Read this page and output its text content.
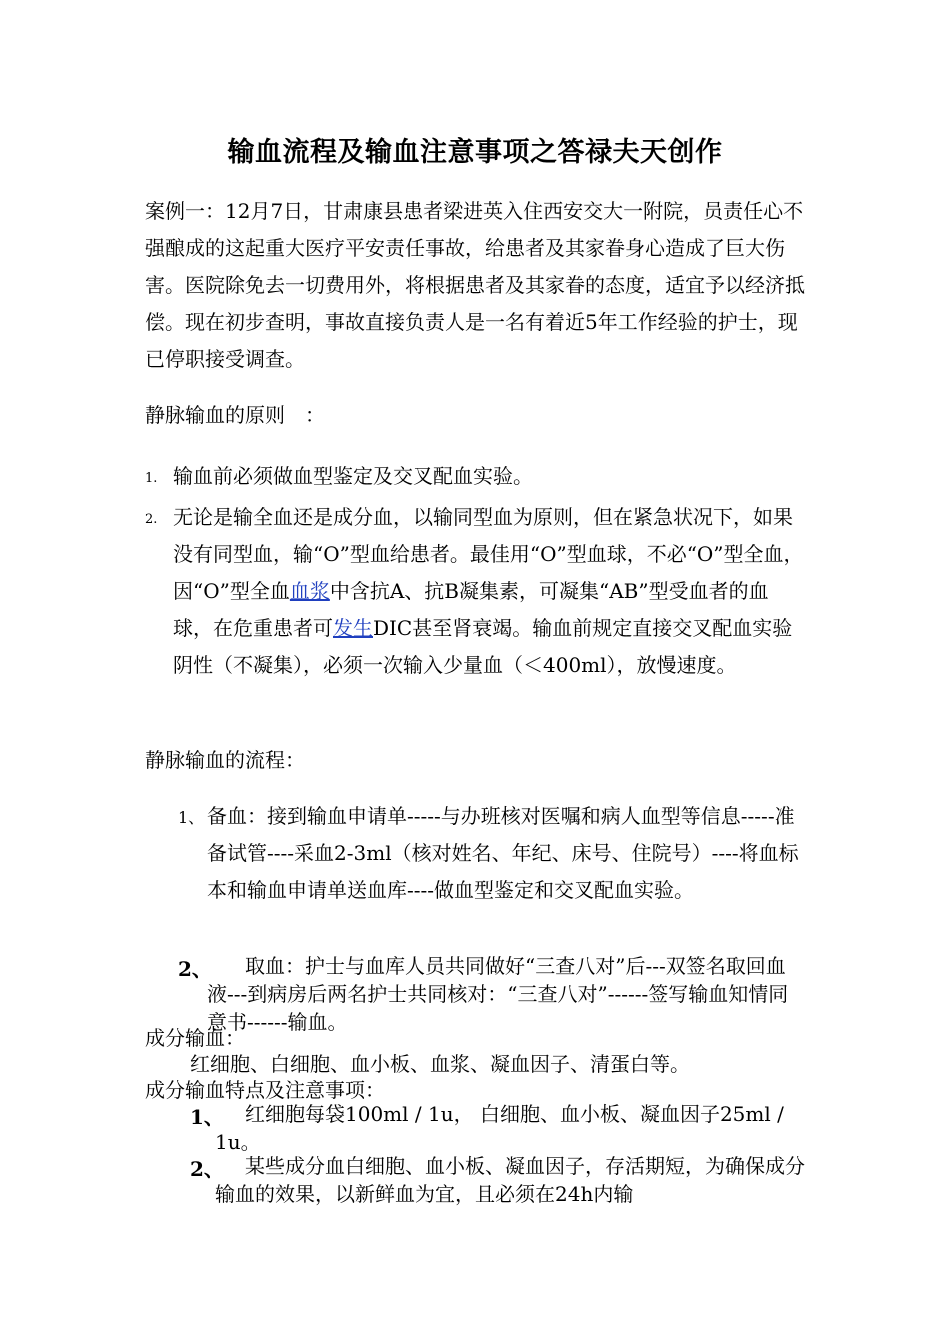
输血流程及输血注意事项之答禄夫天创作

案例一：12月7日，甘肃康县患者梁进英入住西安交大一附院，员责任心不强酿成的这起重大医疗平安责任事故，给患者及其家眷身心造成了巨大伤害。医院除免去一切费用外，将根据患者及其家眷的态度，适宜予以经济抵偿。现在初步查明，事故直接负责人是一名有着近5年工作经验的护士，现已停职接受调查。

静脉输血的原则　：

1. 输血前必须做血型鉴定及交叉配血实验。
2. 无论是输全血还是成分血，以输同型血为原则，但在紧急状况下，如果没有同型血，输“O”型血给患者。最佳用“O”型血球，不必“O”型全血，因“O”型全血血浆中含抗A、抗B凝集素，可凝集“AB”型受血者的血球，在危重患者可发生DIC甚至肾衰竭。输血前规定直接交叉配血实验阴性（不凝集），必须一次输入少量血（＜400ml），放慢速度。

静脉输血的流程：

1、 备血：接到输血申请单-----与办班核对医嘱和病人血型等信息-----准备试管----采血2-3ml（核对姓名、年纪、床号、住院号）----将血标本和输血申请单送血库----做血型鉴定和交叉配血实验。

2、	取血：护士与血库人员共同做好“三查八对”后---双签名取回血液---到病房后两名护士共同核对：“三查八对”------签写输血知情同意书------输血。

成分输血：

红细胞、白细胞、血小板、血浆、凝血因子、清蛋白等。

成分输血特点及注意事项：

1、	红细胞每袋100ml / 1u， 白细胞、血小板、凝血因子25ml / 1u。

2、	某些成分血白细胞、血小板、凝血因子，存活期短，为确保成分输血的效果，以新鲜血为宜，且必须在24h内输
